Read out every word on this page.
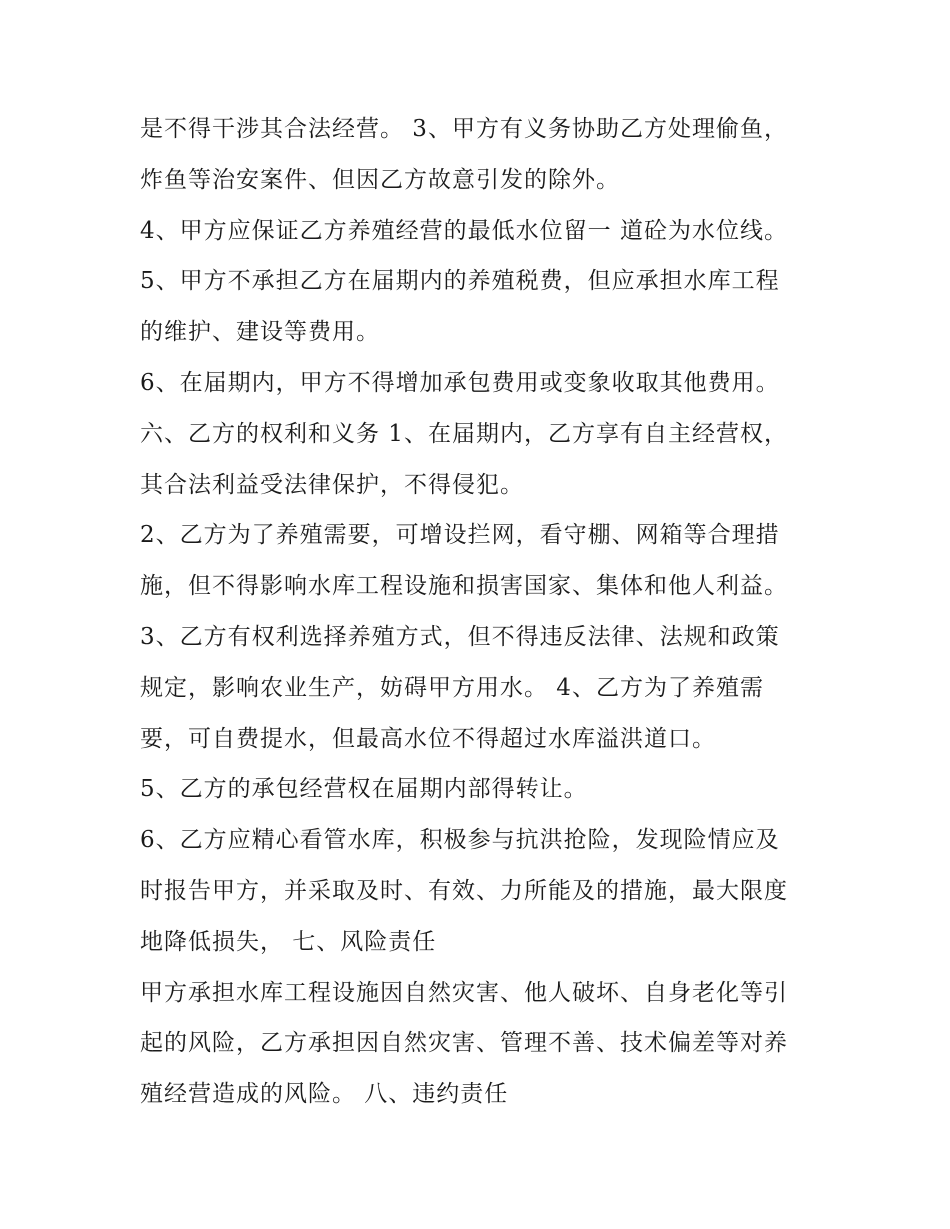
是不得干涉其合法经营。 3、甲方有义务协助乙方处理偷鱼，
炸鱼等治安案件、但因乙方故意引发的除外。
4、甲方应保证乙方养殖经营的最低水位留一 道砼为水位线。
5、甲方不承担乙方在届期内的养殖税费，但应承担水库工程
的维护、建设等费用。
6、在届期内，甲方不得增加承包费用或变象收取其他费用。
六、乙方的权利和义务 1、在届期内，乙方享有自主经营权，
其合法利益受法律保护，不得侵犯。
2、乙方为了养殖需要，可增设拦网，看守棚、网箱等合理措
施，但不得影响水库工程设施和损害国家、集体和他人利益。
3、乙方有权利选择养殖方式，但不得违反法律、法规和政策
规定，影响农业生产，妨碍甲方用水。 4、乙方为了养殖需
要，可自费提水，但最高水位不得超过水库溢洪道口。
5、乙方的承包经营权在届期内部得转让。
6、乙方应精心看管水库，积极参与抗洪抢险，发现险情应及
时报告甲方，并采取及时、有效、力所能及的措施，最大限度
地降低损失， 七、风险责任
甲方承担水库工程设施因自然灾害、他人破坏、自身老化等引
起的风险，乙方承担因自然灾害、管理不善、技术偏差等对养
殖经营造成的风险。 八、违约责任
